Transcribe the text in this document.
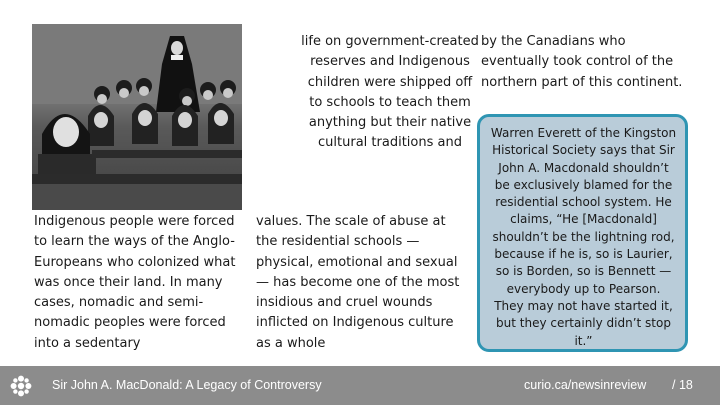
Indigenous people were forced to learn the ways of the Anglo-Europeans who colonized what was once their land. In many cases, nomadic and semi-nomadic peoples were forced into a sedentary
life on government-created reserves and Indigenous children were shipped off to schools to teach them anything but their native cultural traditions and
values. The scale of abuse at the residential schools — physical, emotional and sexual — has become one of the most insidious and cruel wounds inflicted on Indigenous culture as a whole
by the Canadians who eventually took control of the northern part of this continent.
Warren Everett of the Kingston Historical Society says that Sir John A. Macdonald shouldn’t be exclusively blamed for the residential school system. He claims, “He [Macdonald] shouldn’t be the lightning rod, because if he is, so is Laurier, so is Borden, so is Bennett — everybody up to Pearson. They may not have started it, but they certainly didn’t stop it.”
Sir John A. MacDonald: A Legacy of Controversy	curio.ca/newsinreview / 18
